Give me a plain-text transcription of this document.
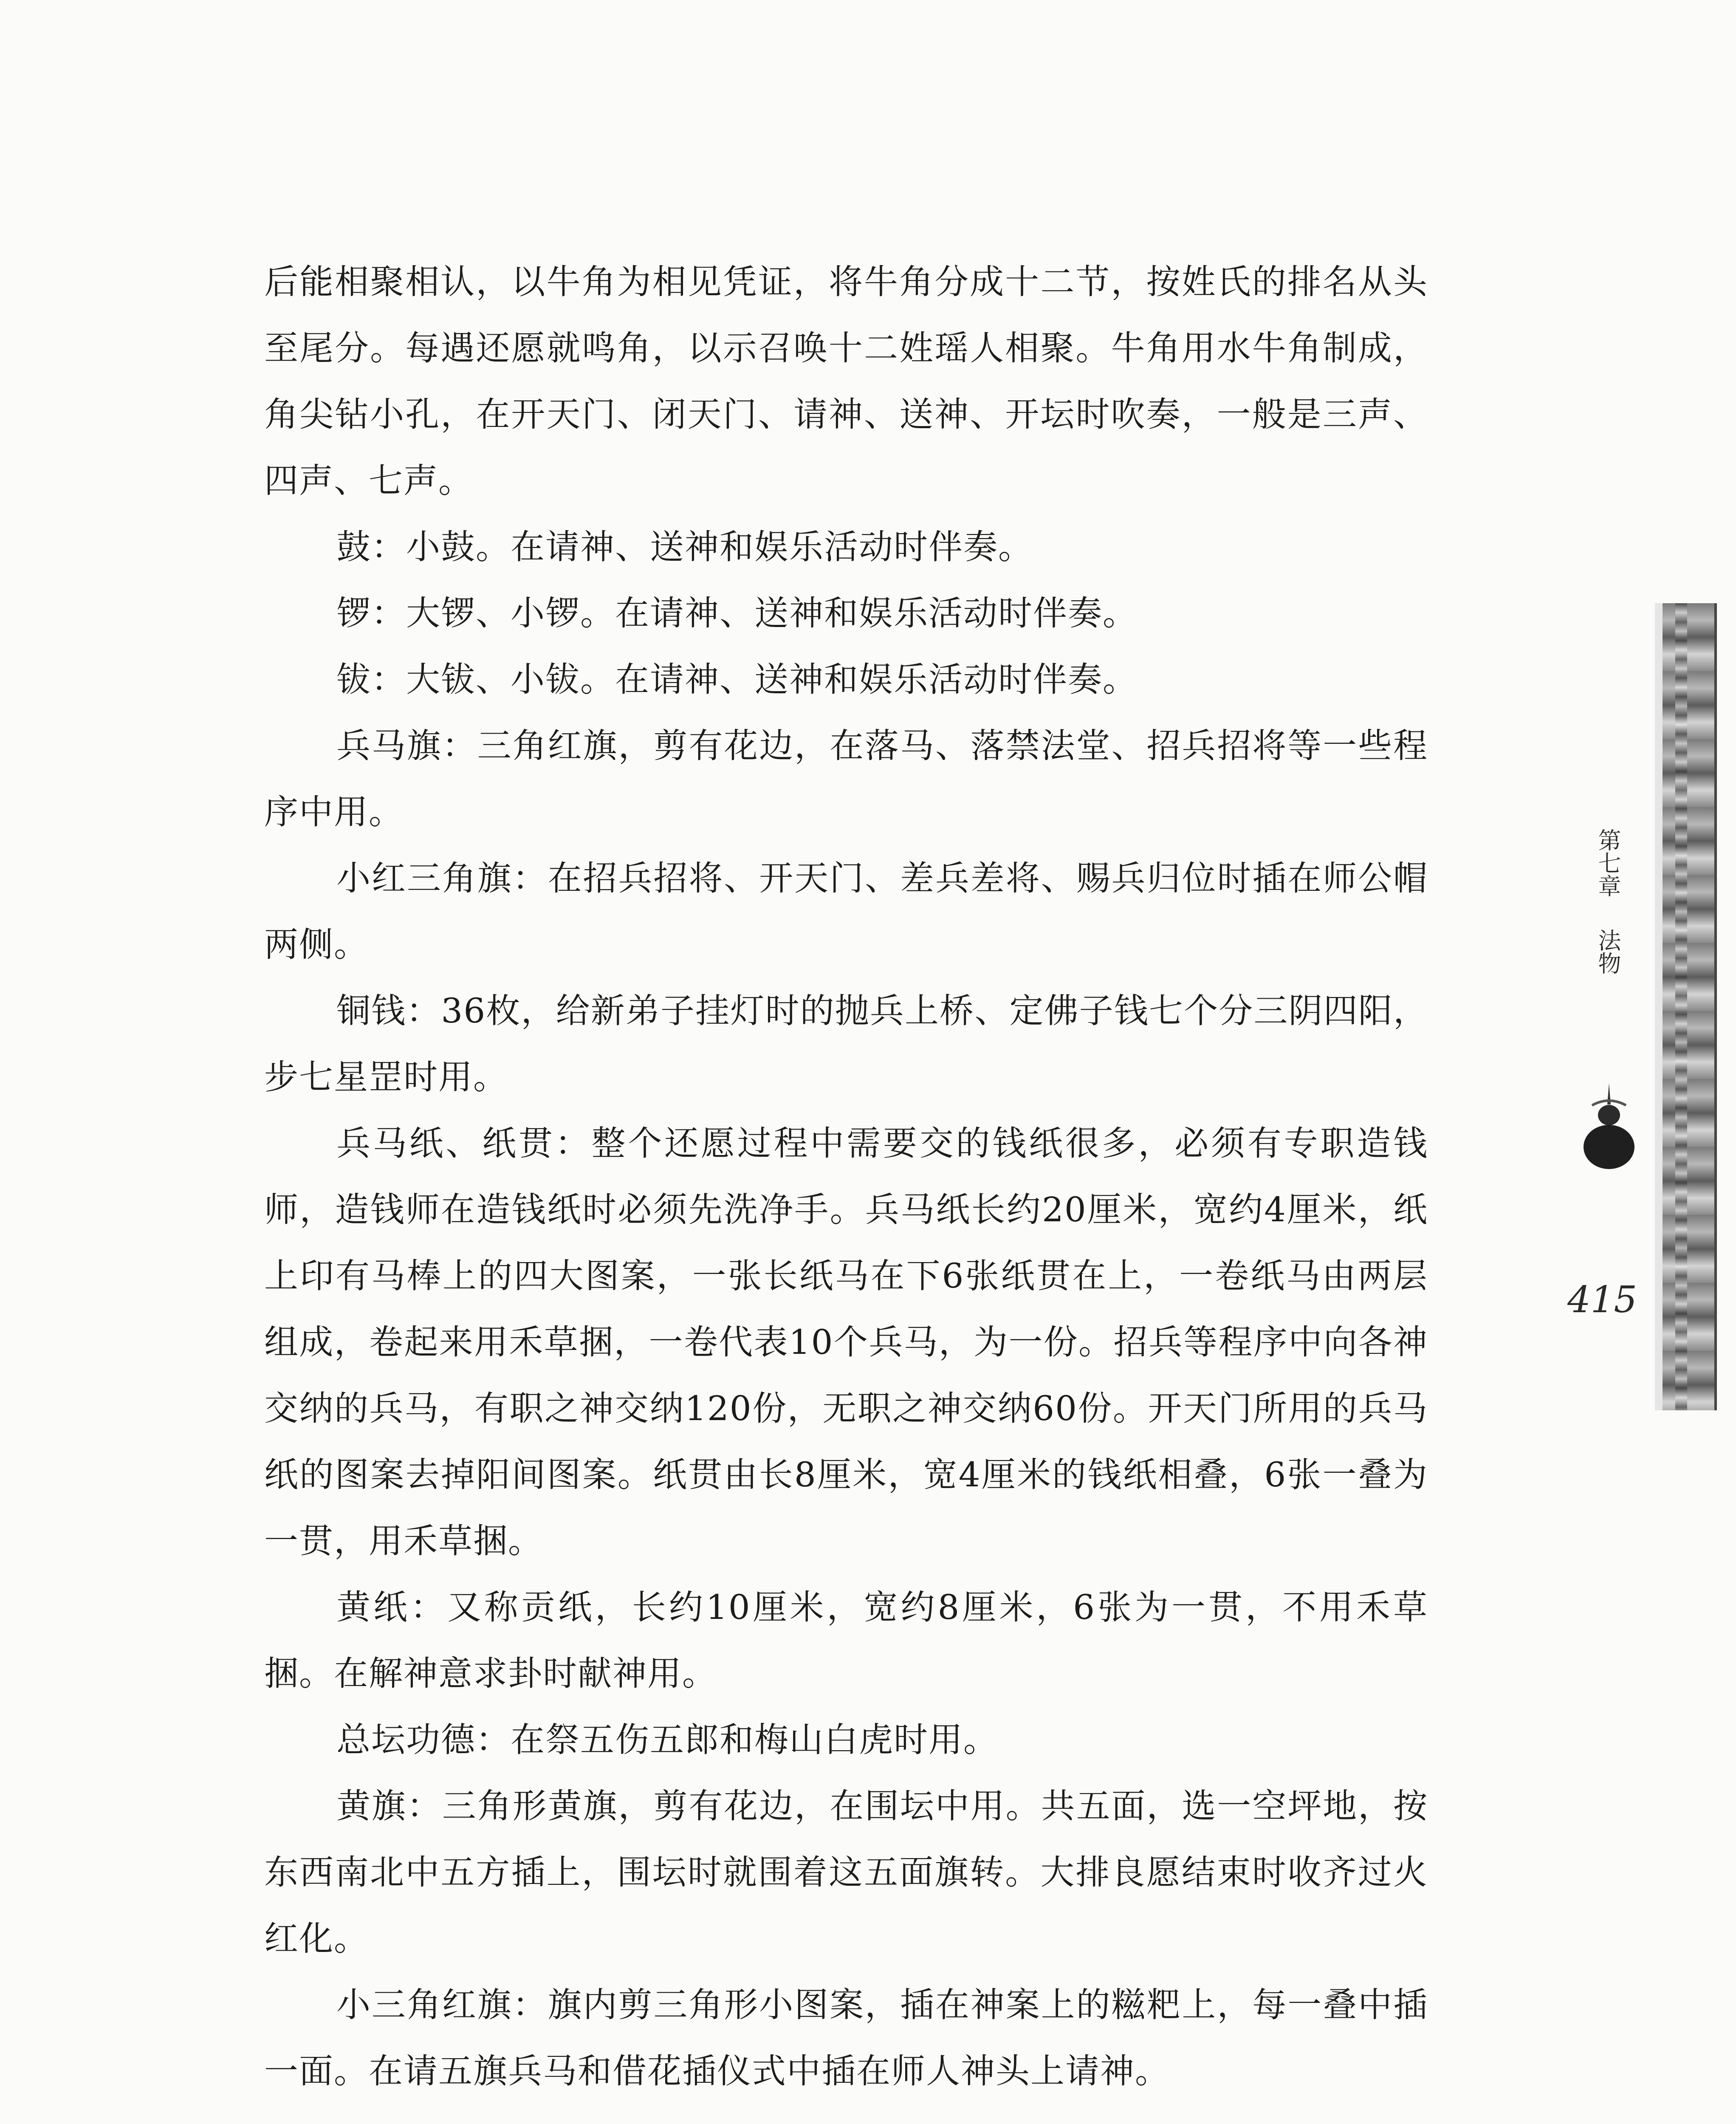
后能相聚相认，以牛角为相见凭证，将牛角分成十二节，按姓氏的排名从头至尾分。每遇还愿就鸣角，以示召唤十二姓瑶人相聚。牛角用水牛角制成，角尖钻小孔，在开天门、闭天门、请神、送神、开坛时吹奏，一般是三声、四声、七声。

鼓：小鼓。在请神、送神和娱乐活动时伴奏。

锣：大锣、小锣。在请神、送神和娱乐活动时伴奏。

钹：大钹、小钹。在请神、送神和娱乐活动时伴奏。

兵马旗：三角红旗，剪有花边，在落马、落禁法堂、招兵招将等一些程序中用。

小红三角旗：在招兵招将、开天门、差兵差将、赐兵归位时插在师公帽两侧。

铜钱：36枚，给新弟子挂灯时的抛兵上桥、定佛子钱七个分三阴四阳，步七星罡时用。

兵马纸、纸贯：整个还愿过程中需要交的钱纸很多，必须有专职造钱师，造钱师在造钱纸时必须先洗净手。兵马纸长约20厘米，宽约4厘米，纸上印有马棒上的四大图案，一张长纸马在下6张纸贯在上，一卷纸马由两层组成，卷起来用禾草捆，一卷代表10个兵马，为一份。招兵等程序中向各神交纳的兵马，有职之神交纳120份，无职之神交纳60份。开天门所用的兵马纸的图案去掉阳间图案。纸贯由长8厘米，宽4厘米的钱纸相叠，6张一叠为一贯，用禾草捆。

黄纸：又称贡纸，长约10厘米，宽约8厘米，6张为一贯，不用禾草捆。在解神意求卦时献神用。

总坛功德：在祭五伤五郎和梅山白虎时用。

黄旗：三角形黄旗，剪有花边，在围坛中用。共五面，选一空坪地，按东西南北中五方插上，围坛时就围着这五面旗转。大排良愿结束时收齐过火红化。

小三角红旗：旗内剪三角形小图案，插在神案上的糍粑上，每一叠中插一面。在请五旗兵马和借花插仪式中插在师人神头上请神。

第七章 法物
415
